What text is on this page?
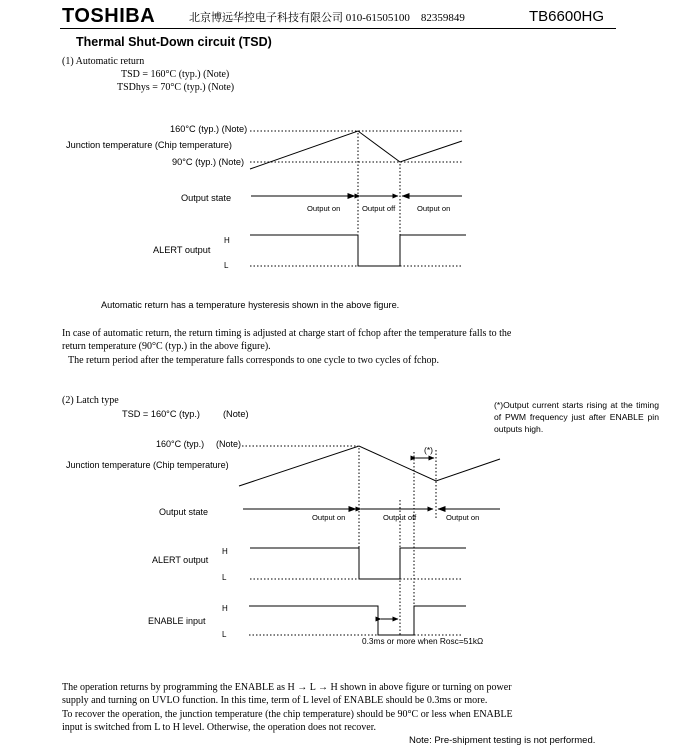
TOSHIBA	北京博远华控电子科技有限公司 010-61505100　82359849	TB6600HG
Thermal Shut-Down circuit (TSD)
(1) Automatic return
TSD = 160°C (typ.) (Note)
TSDhys = 70°C (typ.) (Note)
160°C (typ.) (Note)
Junction temperature (Chip temperature)
90°C (typ.) (Note)
Output state
Output on	Output off	Output on
ALERT output
H
L
Automatic return has a temperature hysteresis shown in the above figure.
In case of automatic return, the return timing is adjusted at charge start of fchop after the temperature falls to the
return temperature (90°C (typ.) in the above figure).
The return period after the temperature falls corresponds to one cycle to two cycles of fchop.
(2) Latch type
TSD = 160°C (typ.)	(Note)
(*)Output current starts rising at the timing of PWM frequency just after ENABLE pin outputs high.
160°C (typ.) (Note)
(*)
Junction temperature (Chip temperature)
Output state
Output on	Output off	Output on
ALERT output
H
L
ENABLE input
H
L
0.3ms or more when Rosc=51kΩ
The operation returns by programming the ENABLE as H → L → H shown in above figure or turning on power
supply and turning on UVLO function. In this time, term of L level of ENABLE should be 0.3ms or more.
To recover the operation, the junction temperature (the chip temperature) should be 90°C or less when ENABLE
input is switched from L to H level. Otherwise, the operation does not recover.
Note: Pre-shipment testing is not performed.
